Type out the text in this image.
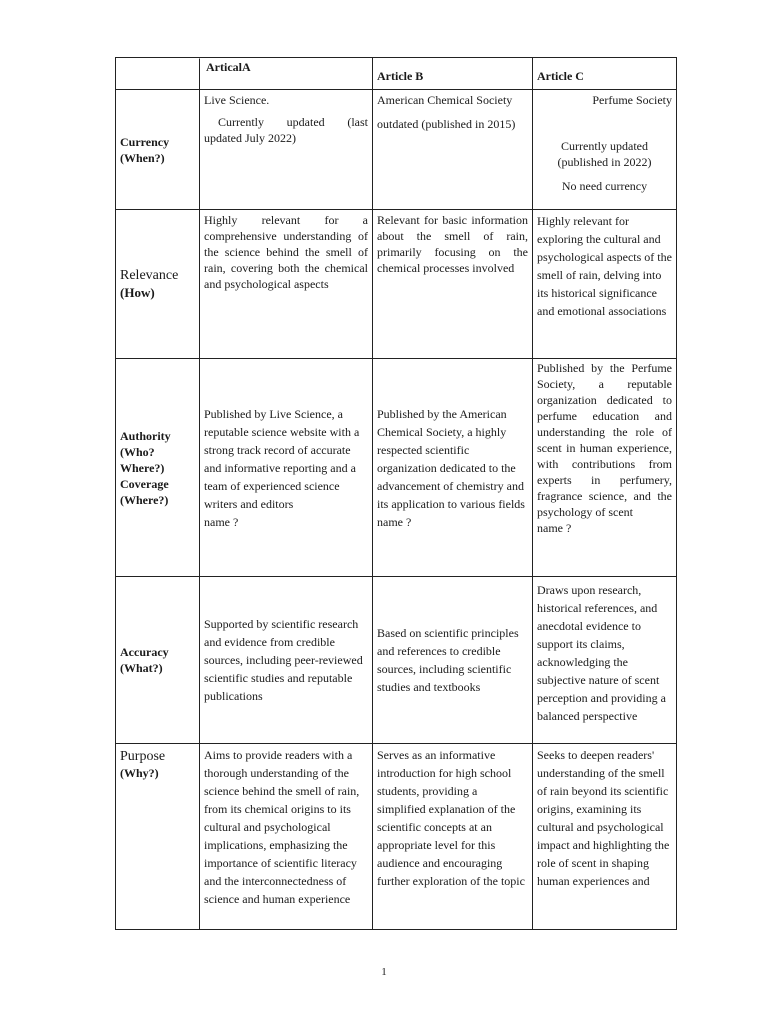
ArticalA
Article B	Article C
Currency
(When?)
Live Science.
Currently updated (last updated July 2022)
American Chemical Society
outdated (published in 2015)
Perfume Society
Currently updated (published in 2022)
No need currency
Relevance
(How)
Highly relevant for a comprehensive understanding of the science behind the smell of rain, covering both the chemical and psychological aspects
Relevant for basic information about the smell of rain, primarily focusing on the chemical processes involved
Highly relevant for exploring the cultural and psychological aspects of the smell of rain, delving into its historical significance and emotional associations
Authority
(Who?
Where?)
Coverage
(Where?)
Published by Live Science, a reputable science website with a strong track record of accurate and informative reporting and a team of experienced science writers and editors
name ?
Published by the American Chemical Society, a highly respected scientific organization dedicated to the advancement of chemistry and its application to various fields
name ?
Published by the Perfume Society, a reputable organization dedicated to perfume education and understanding the role of scent in human experience, with contributions from experts in perfumery, fragrance science, and the psychology of scent
name ?
Accuracy
(What?)
Supported by scientific research and evidence from credible sources, including peer-reviewed scientific studies and reputable publications
Based on scientific principles and references to credible sources, including scientific studies and textbooks
Draws upon research, historical references, and anecdotal evidence to support its claims, acknowledging the subjective nature of scent perception and providing a balanced perspective
Purpose
(Why?)
Aims to provide readers with a thorough understanding of the science behind the smell of rain, from its chemical origins to its cultural and psychological implications, emphasizing the importance of scientific literacy and the interconnectedness of science and human experience
Serves as an informative introduction for high school students, providing a simplified explanation of the scientific concepts at an appropriate level for this audience and encouraging further exploration of the topic
Seeks to deepen readers' understanding of the smell of rain beyond its scientific origins, examining its cultural and psychological impact and highlighting the role of scent in shaping human experiences and
1
